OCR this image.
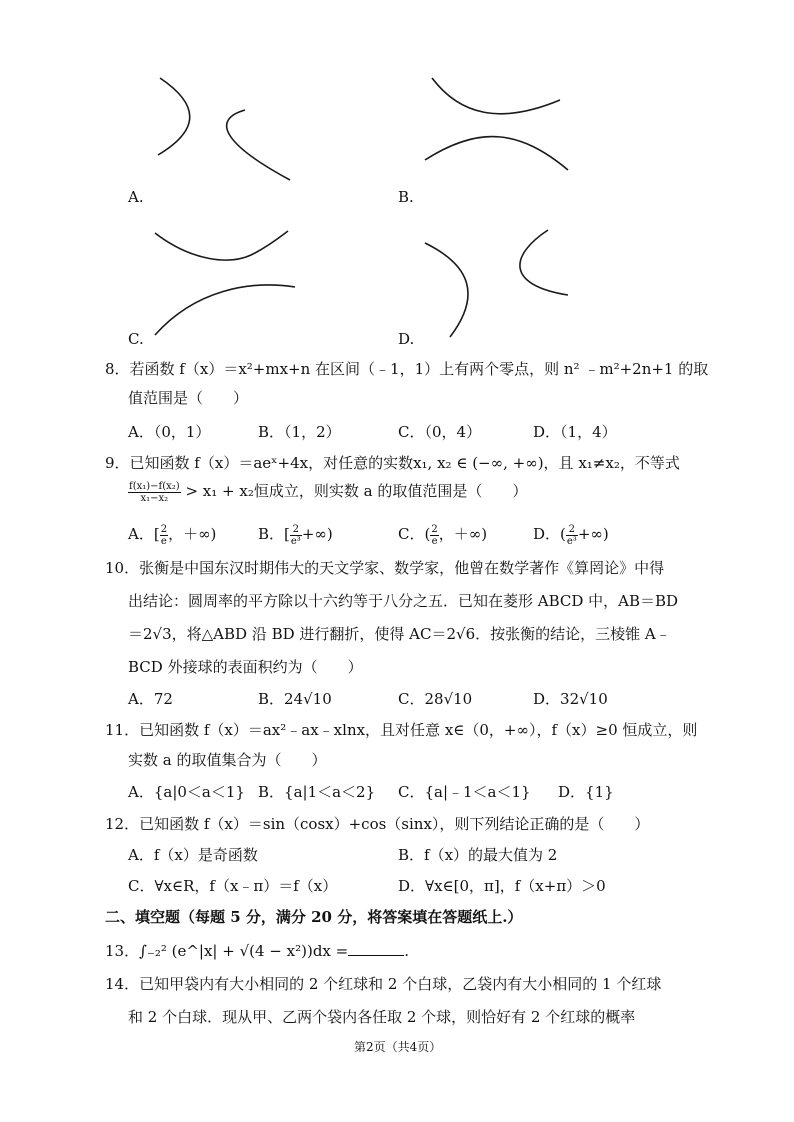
A.	B.
C.	D.
8．若函数 f（x）＝x²+mx+n 在区间（﹣1，1）上有两个零点，则 n² ﹣m²+2n+1 的取
值范围是（　　）
A．（0，1）	B．（1，2）	C．（0，4）	D．（1，4）
9．已知函数 f（x）＝aeˣ+4x，对任意的实数x₁, x₂ ∈ (−∞, +∞)，且 x₁≠x₂，不等式
$\frac{\text{f(x₁)−f(x₂)}}{\text{x₁−x₂}} > x_1 + x_2$恒成立，则实数 a 的取值范围是（　　）
A．[ $\frac{2}{e}$ ，＋∞)	B．[ $\frac{2}{\text{e³}}$ +∞)	C．( $\frac{2}{e}$ ，＋∞)	D．( $\frac{2}{\text{e³}}$ +∞)
10．张衡是中国东汉时期伟大的天文学家、数学家，他曾在数学著作《算罔论》中得
出结论：圆周率的平方除以十六约等于八分之五．已知在菱形 ABCD 中，AB＝BD
＝2√3，将△ABD 沿 BD 进行翻折，使得 AC＝2√6．按张衡的结论，三棱锥 A﹣
BCD 外接球的表面积约为（　　）
A．72	B．24√10	C．28√10	D．32√10
11．已知函数 f（x）＝ax²﹣ax﹣xlnx，且对任意 x∈（0，+∞），f（x）≥0 恒成立，则
实数 a 的取值集合为（　　）
A．{a|0＜a＜1} B．{a|1＜a＜2} C．{a|﹣1＜a＜1} D．{1}
12．已知函数 f（x）＝sin（cosx）+cos（sinx），则下列结论正确的是（　　）
A．f（x）是奇函数	B．f（x）的最大值为 2
C．∀x∈R，f（x﹣π）＝f（x）	D．∀x∈[0，π]，f（x+π）＞0
二、填空题（每题 5 分，满分 20 分，将答案填在答题纸上.）
13．∫₋₂² (e^|x| + √(4 − x²))dx =	.
14．已知甲袋内有大小相同的 2 个红球和 2 个白球，乙袋内有大小相同的 1 个红球
和 2 个白球．现从甲、乙两个袋内各任取 2 个球，则恰好有 2 个红球的概率
第2页（共4页）
